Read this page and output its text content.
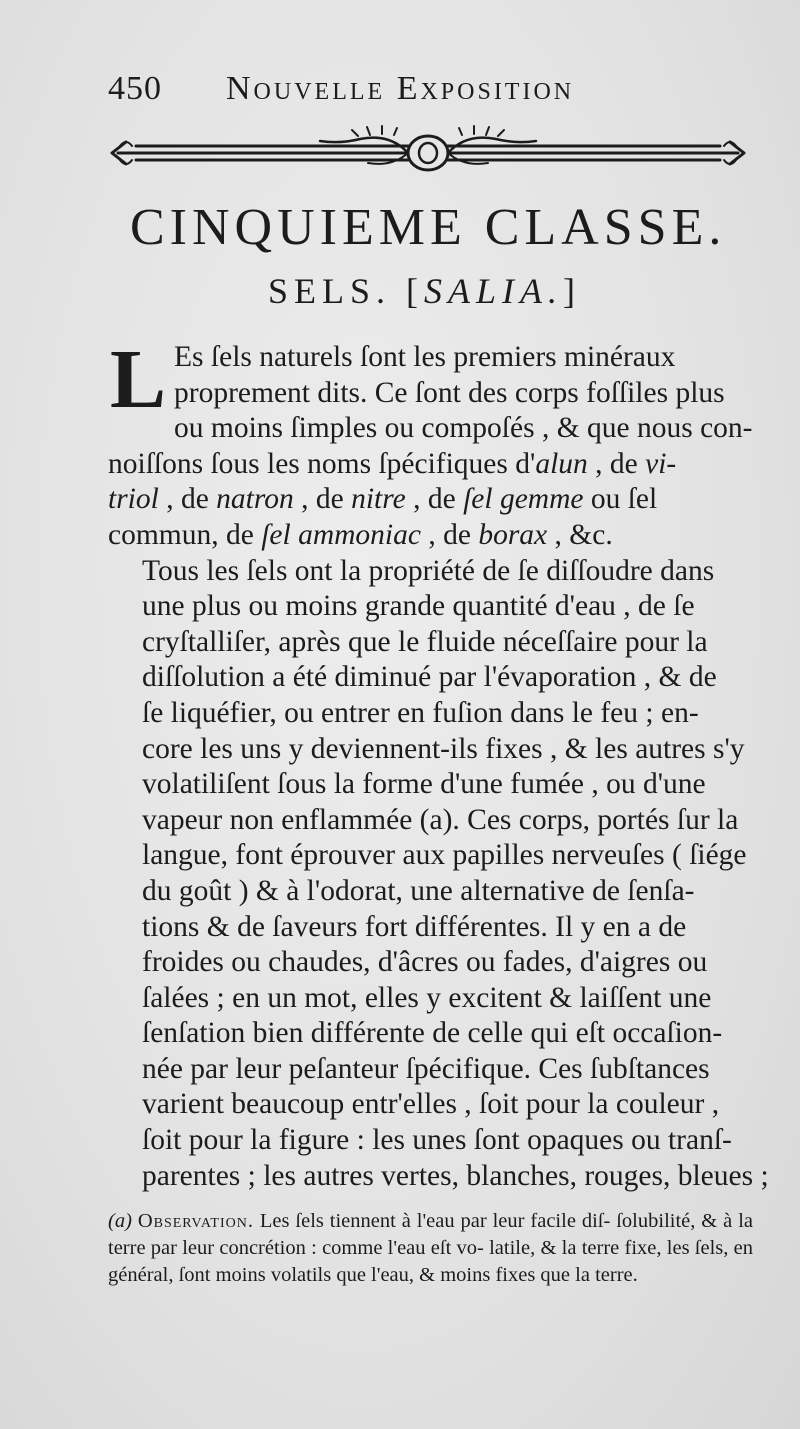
450 Nouvelle Exposition
CINQUIEME CLASSE.
SELS. [SALIA.]
L Es ſels naturels ſont les premiers minéraux
proprement dits. Ce ſont des corps foſſiles plus
ou moins ſimples ou compoſés , & que nous con-
noiſſons ſous les noms ſpécifiques d'alun , de vi-
triol , de natron , de nitre , de ſel gemme ou ſel
commun, de ſel ammoniac , de borax , &c.
Tous les ſels ont la propriété de ſe diſſoudre dans
une plus ou moins grande quantité d'eau , de ſe
cryſtalliſer, après que le fluide néceſſaire pour la
diſſolution a été diminué par l'évaporation , & de
ſe liquéfier, ou entrer en fuſion dans le feu ; en-
core les uns y deviennent-ils fixes , & les autres s'y
volatiliſent ſous la forme d'une fumée , ou d'une
vapeur non enflammée (a). Ces corps, portés ſur la
langue, font éprouver aux papilles nerveuſes ( ſiége
du goût ) & à l'odorat, une alternative de ſenſa-
tions & de ſaveurs fort différentes. Il y en a de
froides ou chaudes, d'âcres ou fades, d'aigres ou
ſalées ; en un mot, elles y excitent & laiſſent une
ſenſation bien différente de celle qui eſt occaſion-
née par leur peſanteur ſpécifique. Ces ſubſtances
varient beaucoup entr'elles , ſoit pour la couleur ,
ſoit pour la figure : les unes ſont opaques ou tranſ-
parentes ; les autres vertes, blanches, rouges, bleues ;
(a) Observation. Les ſels tiennent à l'eau par leur facile diſ- ſolubilité, & à la terre par leur concrétion : comme l'eau eſt vo- latile, & la terre fixe, les ſels, en général, ſont moins volatils que l'eau, & moins fixes que la terre.
